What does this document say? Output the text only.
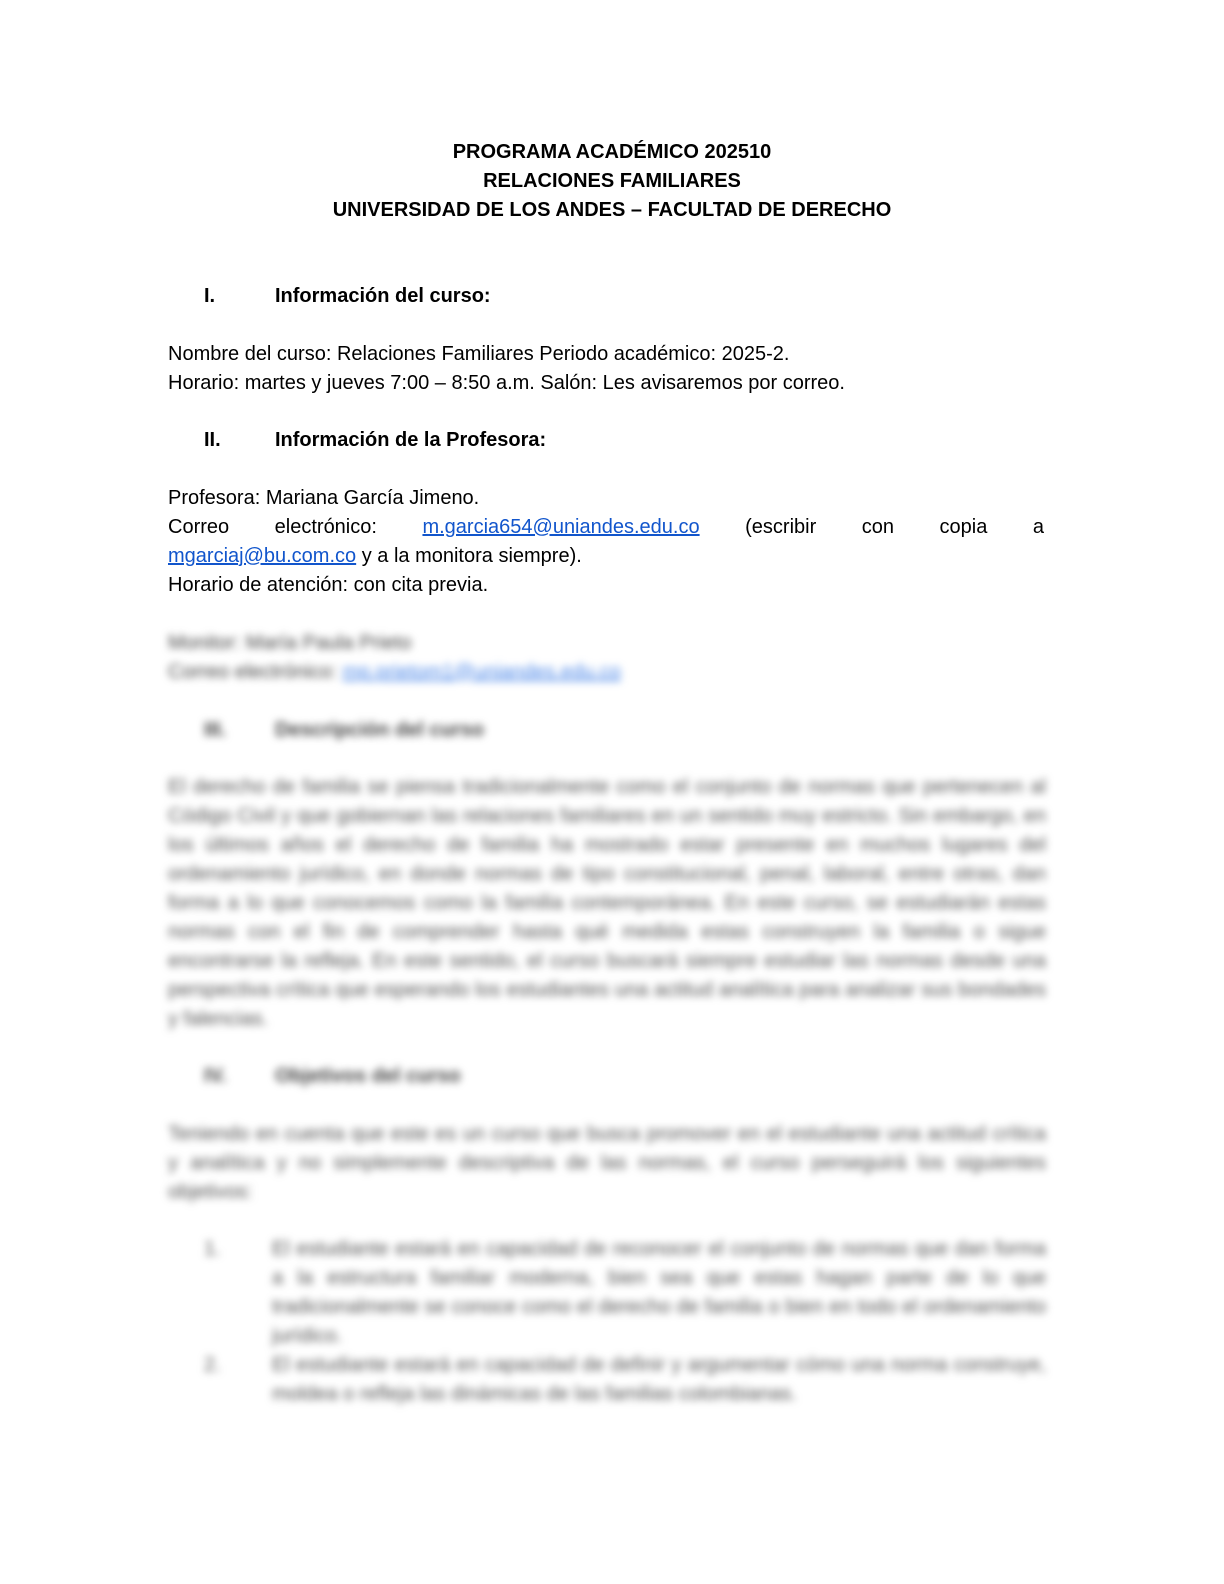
PROGRAMA ACADÉMICO 202510
RELACIONES FAMILIARES
UNIVERSIDAD DE LOS ANDES – FACULTAD DE DERECHO
I.	Información del curso:
Nombre del curso: Relaciones Familiares Periodo académico: 2025-2.
Horario: martes y jueves 7:00 – 8:50 a.m. Salón: Les avisaremos por correo.
II.	Información de la Profesora:
Profesora: Mariana García Jimeno.
Correo electrónico: m.garcia654@uniandes.edu.co (escribir con copia a
mgarciaj@bu.com.co y a la monitora siempre).
Horario de atención: con cita previa.
Monitor: María Paula Prieto
Correo electrónico: mp.prietom1@uniandes.edu.co
III. Descripción del curso
El derecho de familia se piensa tradicionalmente como el conjunto de normas que pertenecen al Código Civil y que gobiernan las relaciones familiares en un sentido muy estricto. Sin embargo, en los últimos años el derecho de familia ha mostrado estar presente en muchos lugares del ordenamiento jurídico, en donde normas de tipo constitucional, penal, laboral, entre otras, dan forma a lo que conocemos como la familia contemporánea. En este curso, se estudiarán estas normas con el fin de comprender hasta qué medida estas construyen la familia o sigue encontrarse la refleja. En este sentido, el curso buscará siempre estudiar las normas desde una perspectiva crítica que esperando los estudiantes una actitud analítica para analizar sus bondades y falencias.
IV. Objetivos del curso
Teniendo en cuenta que este es un curso que busca promover en el estudiante una actitud crítica y analítica y no simplemente descriptiva de las normas, el curso perseguirá los siguientes objetivos:
1.	El estudiante estará en capacidad de reconocer el conjunto de normas que dan forma a la estructura familiar moderna, bien sea que estas hagan parte de lo que tradicionalmente se conoce como el derecho de familia o bien en todo el ordenamiento jurídico.
2.	El estudiante estará en capacidad de definir y argumentar cómo una norma construye, moldea o refleja las dinámicas de las familias colombianas.
